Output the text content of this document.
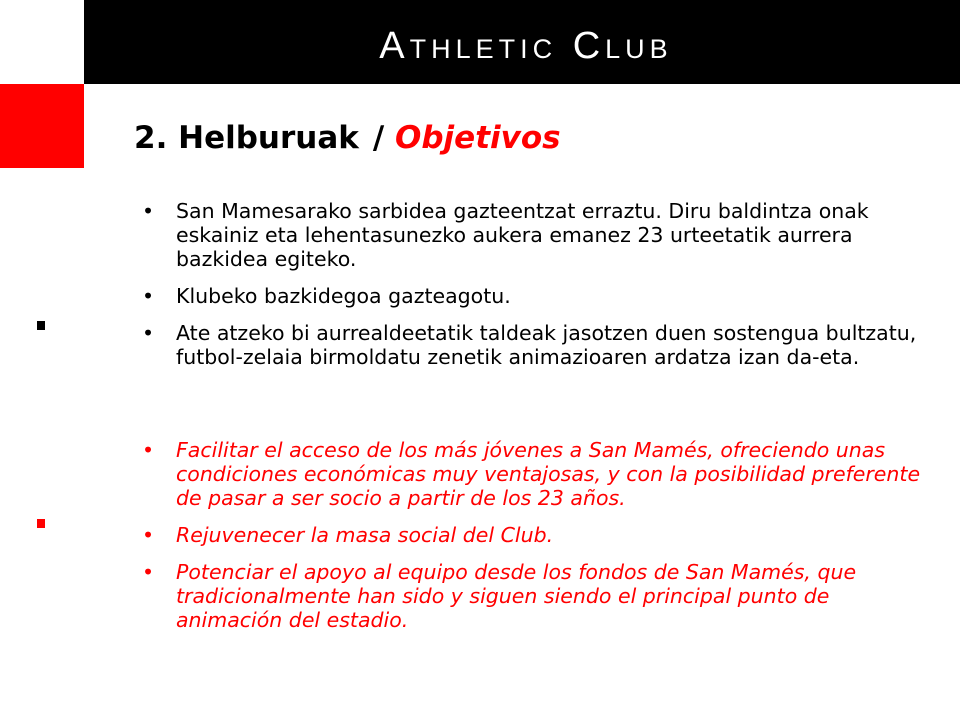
Athletic Club
2. Helburuak / Objetivos
• San Mamesarako sarbidea gazteentzat erraztu. Diru baldintza onak eskainiz eta lehentasunezko aukera emanez 23 urteetatik aurrera bazkidea egiteko.
• Klubeko bazkidegoa gazteagotu.
• Ate atzeko bi aurrealdeetatik taldeak jasotzen duen sostengua bultzatu, futbol-zelaia birmoldatu zenetik animazioaren ardatza izan da-eta.
• Facilitar el acceso de los más jóvenes a San Mamés, ofreciendo unas condiciones económicas muy ventajosas, y con la posibilidad preferente de pasar a ser socio a partir de los 23 años.
• Rejuvenecer la masa social del Club.
• Potenciar el apoyo al equipo desde los fondos de San Mamés, que tradicionalmente han sido y siguen siendo el principal punto de animación del estadio.
